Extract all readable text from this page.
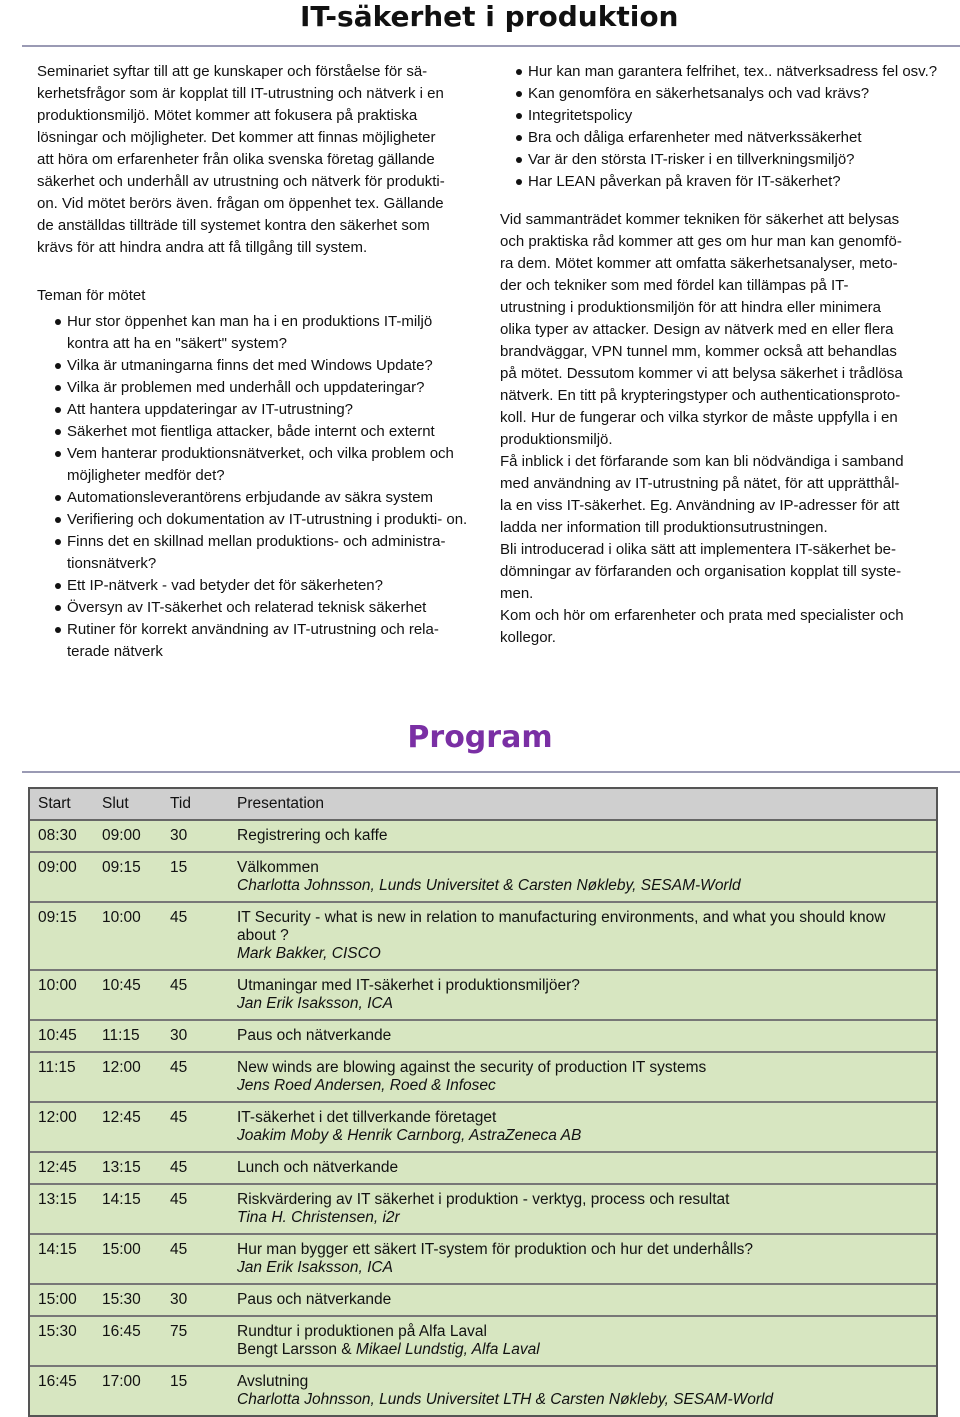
IT-säkerhet i produktion

Seminariet syftar till att ge kunskaper och förståelse för sä-

kerhetsfrågor som är kopplat till IT-utrustning och nätverk i en

produktionsmiljö. Mötet kommer att fokusera på praktiska

lösningar och möjligheter. Det kommer att finnas möjligheter

att höra om erfarenheter från olika svenska företag gällande

säkerhet och underhåll av utrustning och nätverk för produkti-

on. Vid mötet berörs även. frågan om öppenhet tex. Gällande

de anställdas tillträde till systemet kontra den säkerhet som

krävs för att hindra andra att få tillgång till system.

Teman för mötet
Hur stor öppenhet kan man ha i en produktions IT-miljö kontra att ha en "säkert" system?
Vilka är utmaningarna finns det med Windows Update?
Vilka är problemen med underhåll och uppdateringar?
Att hantera uppdateringar av IT-utrustning?
Säkerhet mot fientliga attacker, både internt och externt
Vem hanterar produktionsnätverket, och vilka problem och möjligheter medför det?
Automationsleverantörens erbjudande av säkra system
Verifiering och dokumentation av IT-utrustning i produkti- on.
Finns det en skillnad mellan produktions- och administra- tionsnätverk?
Ett IP-nätverk - vad betyder det för säkerheten?
Översyn av IT-säkerhet och relaterad teknisk säkerhet
Rutiner för korrekt användning av IT-utrustning och rela- terade nätverk
Hur kan man garantera felfrihet, tex.. nätverksadress fel osv.?
Kan genomföra en säkerhetsanalys och vad krävs?
Integritetspolicy
Bra och dåliga erfarenheter med nätverkssäkerhet
Var är den största IT-risker i en tillverkningsmiljö?
Har LEAN påverkan på kraven för IT-säkerhet?

Vid sammanträdet kommer tekniken för säkerhet att belysas

och praktiska råd kommer att ges om hur man kan genomfö-

ra dem. Mötet kommer att omfatta säkerhetsanalyser, meto-

der och tekniker som med fördel kan tillämpas på IT-

utrustning i produktionsmiljön för att hindra eller minimera

olika typer av attacker. Design av nätverk med en eller flera

brandväggar, VPN tunnel mm, kommer också att behandlas

på mötet. Dessutom kommer vi att belysa säkerhet i trådlösa

nätverk. En titt på krypteringstyper och authenticationsproto-

koll. Hur de fungerar och vilka styrkor de måste uppfylla i en

produktionsmiljö.

Få inblick i det förfarande som kan bli nödvändiga i samband

med användning av IT-utrustning på nätet, för att upprätthål-

la en viss IT-säkerhet. Eg. Användning av IP-adresser för att

ladda ner information till produktionsutrustningen.

Bli introducerad i olika sätt att implementera IT-säkerhet be-

dömningar av förfaranden och organisation kopplat till syste-

men.

Kom och hör om erfarenheter och prata med specialister och

kollegor.

Program
Start	Slut	Tid	Presentation
08:30	09:00	30	Registrering och kaffe
09:00	09:15	15	Välkommen
Charlotta Johnsson, Lunds Universitet & Carsten Nøkleby, SESAM-World
09:15	10:00	45	IT Security - what is new in relation to manufacturing environments, and what you should know about ?
Mark Bakker, CISCO
10:00	10:45	45	Utmaningar med IT-säkerhet i produktionsmiljöer?
Jan Erik Isaksson, ICA
10:45	11:15	30	Paus och nätverkande
11:15	12:00	45	New winds are blowing against the security of production IT systems
Jens Roed Andersen, Roed & Infosec
12:00	12:45	45	IT-säkerhet i det tillverkande företaget
Joakim Moby & Henrik Carnborg, AstraZeneca AB
12:45	13:15	45	Lunch och nätverkande
13:15	14:15	45	Riskvärdering av IT säkerhet i produktion - verktyg, process och resultat
Tina H. Christensen, i2r
14:15	15:00	45	Hur man bygger ett säkert IT-system för produktion och hur det underhålls?
Jan Erik Isaksson, ICA
15:00	15:30	30	Paus och nätverkande
15:30	16:45	75	Rundtur i produktionen på Alfa Laval
Bengt Larsson & Mikael Lundstig, Alfa Laval
16:45	17:00	15	Avslutning
Charlotta Johnsson, Lunds Universitet LTH & Carsten Nøkleby, SESAM-World
